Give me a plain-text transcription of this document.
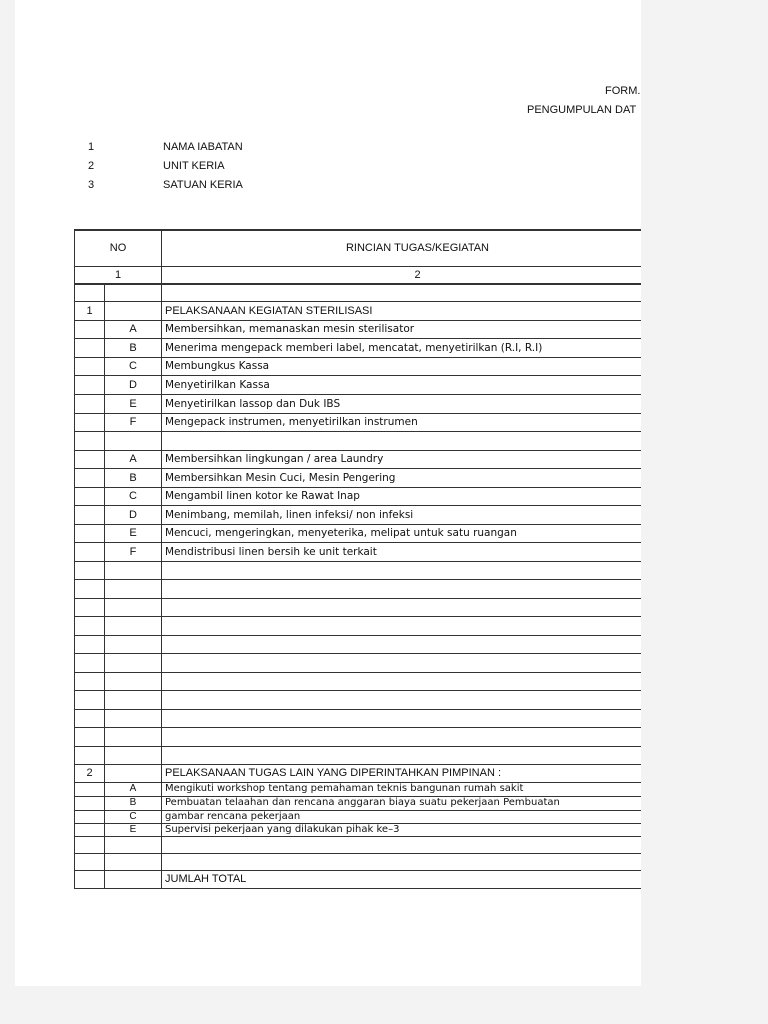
FORM.
PENGUMPULAN DAT
1	NAMA IABATAN
2	UNIT KERIA
3	SATUAN KERIA
NO		RINCIAN TUGAS/KEGIATAN
1		2

1		PELAKSANAAN KEGIATAN STERILISASI
	A	Membersihkan, memanaskan mesin sterilisator
	B	Menerima mengepack memberi label, mencatat, menyetirilkan (R.I, R.I)
	C	Membungkus Kassa
	D	Menyetirilkan Kassa
	E	Menyetirilkan lassop dan Duk IBS
	F	Mengepack instrumen, menyetirilkan instrumen

	A	Membersihkan lingkungan / area Laundry
	B	Membersihkan Mesin Cuci, Mesin Pengering
	C	Mengambil linen kotor ke Rawat Inap
	D	Menimbang, memilah, linen infeksi/ non infeksi
	E	Mencuci, mengeringkan, menyeterika, melipat untuk satu ruangan
	F	Mendistribusi linen bersih ke unit terkait

2		PELAKSANAAN TUGAS LAIN YANG DIPERINTAHKAN PIMPINAN :
	A	Mengikuti workshop tentang pemahaman teknis bangunan rumah sakit
	B	Pembuatan telaahan dan rencana anggaran biaya suatu pekerjaan Pembuatan
	C	gambar rencana pekerjaan
	E	Supervisi pekerjaan yang dilakukan pihak ke–3

		JUMLAH TOTAL
